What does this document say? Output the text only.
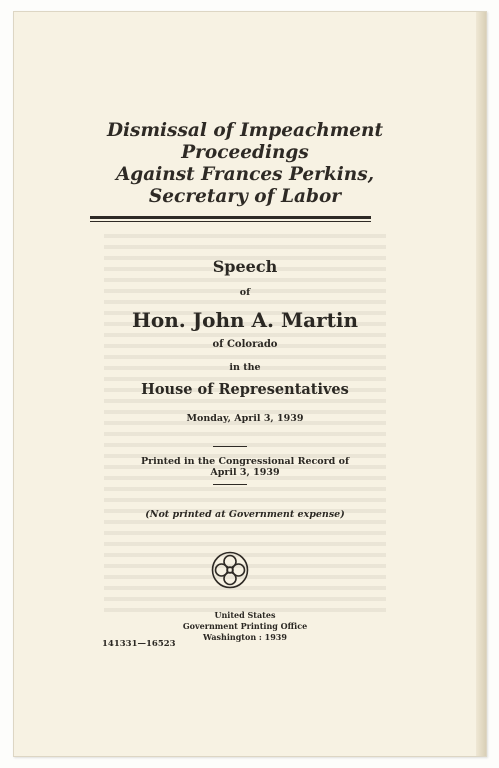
Dismissal of Impeachment
Proceedings
Against Frances Perkins,
Secretary of Labor

Speech

of

Hon. John A. Martin

of Colorado

in the

House of Representatives

Monday, April 3, 1939

Printed in the Congressional Record of

April 3, 1939

(Not printed at Government expense)

United States

Government Printing Office

Washington : 1939

141331—16523
